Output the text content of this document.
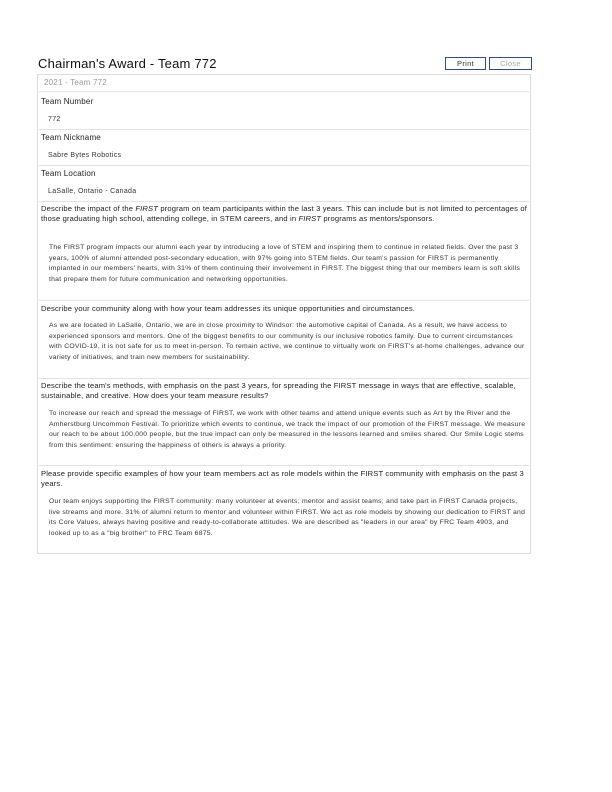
Chairman's Award - Team 772	Print	Close
2021 - Team 772
Team Number
772
Team Nickname
Sabre Bytes Robotics
Team Location
LaSalle, Ontario - Canada
Describe the impact of the FIRST program on team participants within the last 3 years. This can include but is not limited to percentages of those graduating high school, attending college, in STEM careers, and in FIRST programs as mentors/sponsors.
The FIRST program impacts our alumni each year by introducing a love of STEM and inspiring them to continue in related fields. Over the past 3 years, 100% of alumni attended post-secondary education, with 97% going into STEM fields. Our team's passion for FIRST is permanently implanted in our members' hearts, with 31% of them continuing their involvement in FIRST. The biggest thing that our members learn is soft skills that prepare them for future communication and networking opportunities.
Describe your community along with how your team addresses its unique opportunities and circumstances.
As we are located in LaSalle, Ontario, we are in close proximity to Windsor: the automotive capital of Canada. As a result, we have access to experienced sponsors and mentors. One of the biggest benefits to our community is our inclusive robotics family. Due to current circumstances with COVID-19, it is not safe for us to meet in-person. To remain active, we continue to virtually work on FIRST's at-home challenges, advance our variety of initiatives, and train new members for sustainability.
Describe the team's methods, with emphasis on the past 3 years, for spreading the FIRST message in ways that are effective, scalable, sustainable, and creative. How does your team measure results?
To increase our reach and spread the message of FIRST, we work with other teams and attend unique events such as Art by the River and the Amherstburg Uncommon Festival. To prioritize which events to continue, we track the impact of our promotion of the FIRST message. We measure our reach to be about 100,000 people, but the true impact can only be measured in the lessons learned and smiles shared. Our Smile Logic stems from this sentiment: ensuring the happiness of others is always a priority.
Please provide specific examples of how your team members act as role models within the FIRST community with emphasis on the past 3 years.
Our team enjoys supporting the FIRST community: many volunteer at events; mentor and assist teams; and take part in FIRST Canada projects, live streams and more. 31% of alumni return to mentor and volunteer within FIRST. We act as role models by showing our dedication to FIRST and its Core Values, always having positive and ready-to-collaborate attitudes. We are described as "leaders in our area" by FRC Team 4903, and looked up to as a "big brother" to FRC Team 6875.
